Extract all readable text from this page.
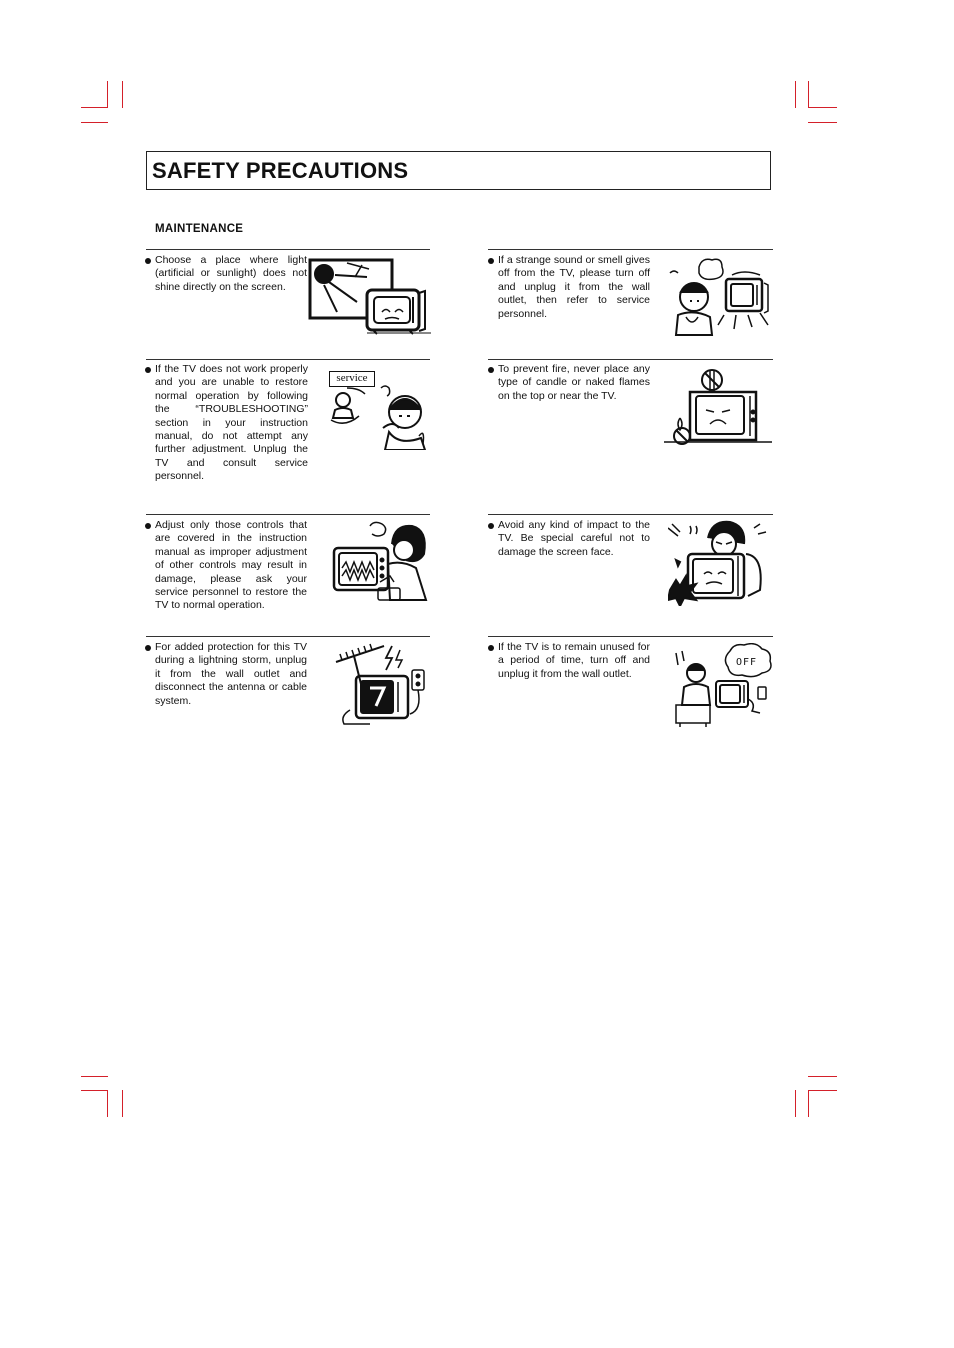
SAFETY PRECAUTIONS
MAINTENANCE
Choose a place where light (artificial or sunlight) does not shine directly on the screen.
If a strange sound or smell gives off from the TV, please turn off and unplug it from the wall outlet, then refer to service personnel.
If the TV does not work properly and you are unable to restore normal operation by following the “TROUBLESHOOTING” section in your instruction manual, do not attempt any further adjustment. Unplug the TV and consult service personnel.
service
To prevent fire, never place any type of candle or naked flames on the top or near the TV.
Adjust only those controls that are covered in the instruction manual as improper adjustment of other controls may result in damage, please ask your service personnel to restore the TV to normal operation.
Avoid any kind of impact to the TV. Be special careful not to damage the screen face.
For added protection for this TV during a lightning storm, unplug it from the wall outlet and disconnect the antenna or cable system.
If the TV is to remain unused for a period of time, turn off and unplug it from the wall outlet.
OFF
